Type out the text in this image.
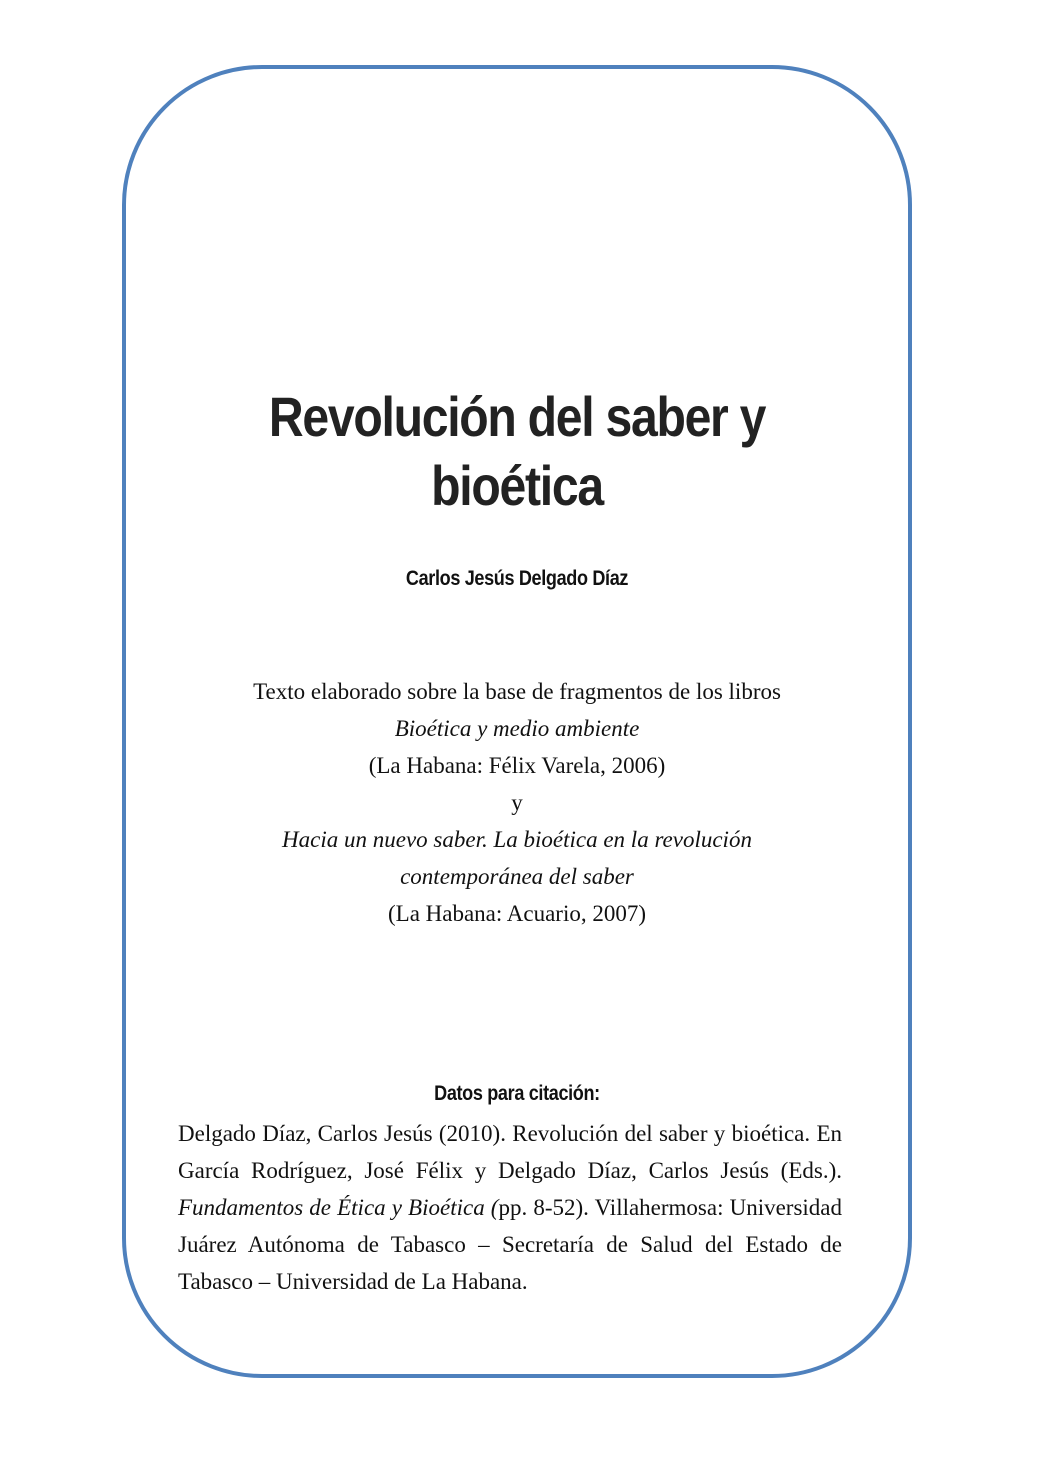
Revolución del saber y bioética

Carlos Jesús Delgado Díaz

Texto elaborado sobre la base de fragmentos de los libros
Bioética y medio ambiente
(La Habana: Félix Varela, 2006)
y
Hacia un nuevo saber. La bioética en la revolución
contemporánea del saber
(La Habana: Acuario, 2007)

Datos para citación:

Delgado Díaz, Carlos Jesús (2010). Revolución del saber y bioética. En García Rodríguez, José Félix y Delgado Díaz, Carlos Jesús (Eds.). Fundamentos de Ética y Bioética (pp. 8-52). Villahermosa: Universidad Juárez Autónoma de Tabasco – Secretaría de Salud del Estado de Tabasco – Universidad de La Habana.
